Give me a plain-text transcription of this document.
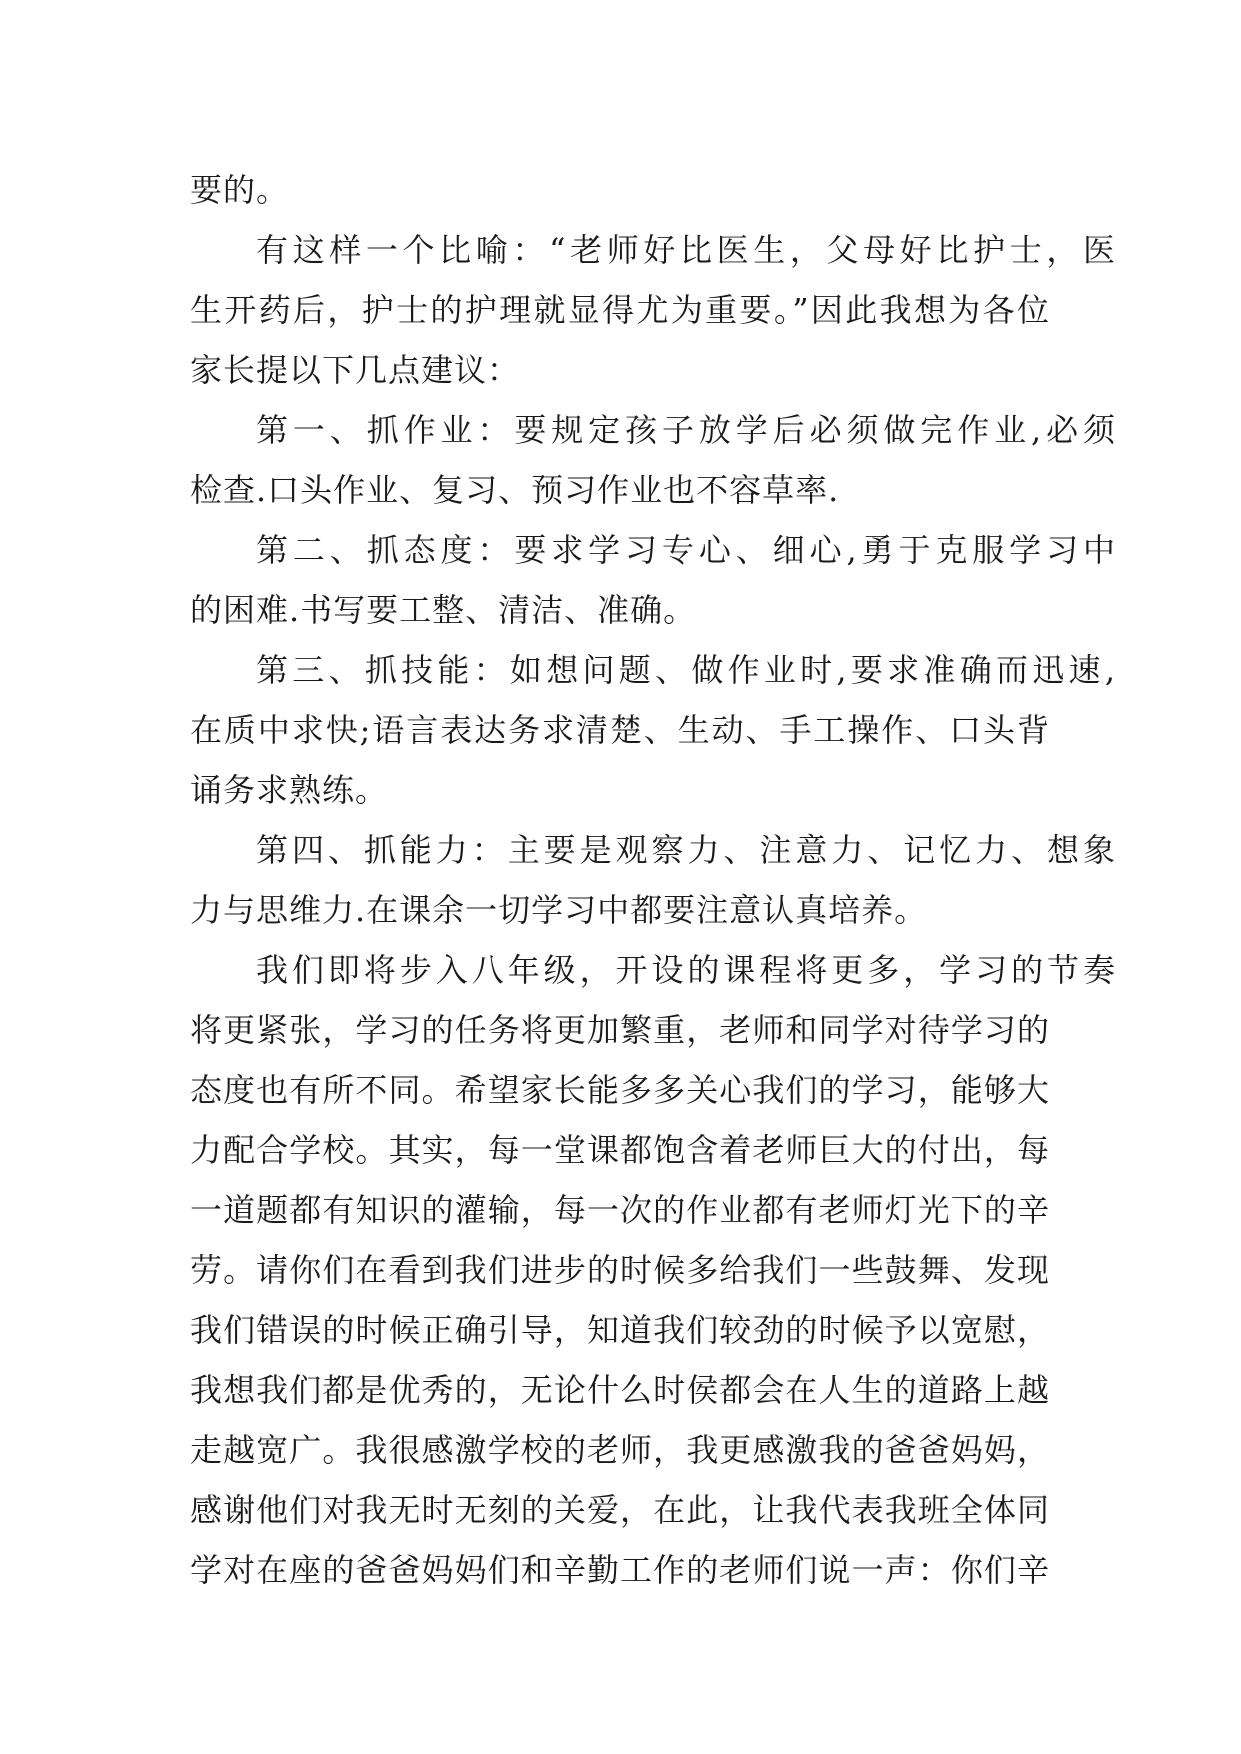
要的。
有这样一个比喻：“老师好比医生，父母好比护士，医
生开药后，护士的护理就显得尤为重要。”因此我想为各位
家长提以下几点建议：
第一、抓作业：要规定孩子放学后必须做完作业,必须
检查.口头作业、复习、预习作业也不容草率.
第二、抓态度：要求学习专心、细心,勇于克服学习中
的困难.书写要工整、清洁、准确。
第三、抓技能：如想问题、做作业时,要求准确而迅速,
在质中求快;语言表达务求清楚、生动、手工操作、口头背
诵务求熟练。
第四、抓能力：主要是观察力、注意力、记忆力、想象
力与思维力.在课余一切学习中都要注意认真培养。
我们即将步入八年级，开设的课程将更多，学习的节奏
将更紧张，学习的任务将更加繁重，老师和同学对待学习的
态度也有所不同。希望家长能多多关心我们的学习，能够大
力配合学校。其实，每一堂课都饱含着老师巨大的付出，每
一道题都有知识的灌输，每一次的作业都有老师灯光下的辛
劳。请你们在看到我们进步的时候多给我们一些鼓舞、发现
我们错误的时候正确引导，知道我们较劲的时候予以宽慰，
我想我们都是优秀的，无论什么时侯都会在人生的道路上越
走越宽广。我很感激学校的老师，我更感激我的爸爸妈妈，
感谢他们对我无时无刻的关爱，在此，让我代表我班全体同
学对在座的爸爸妈妈们和辛勤工作的老师们说一声：你们辛
